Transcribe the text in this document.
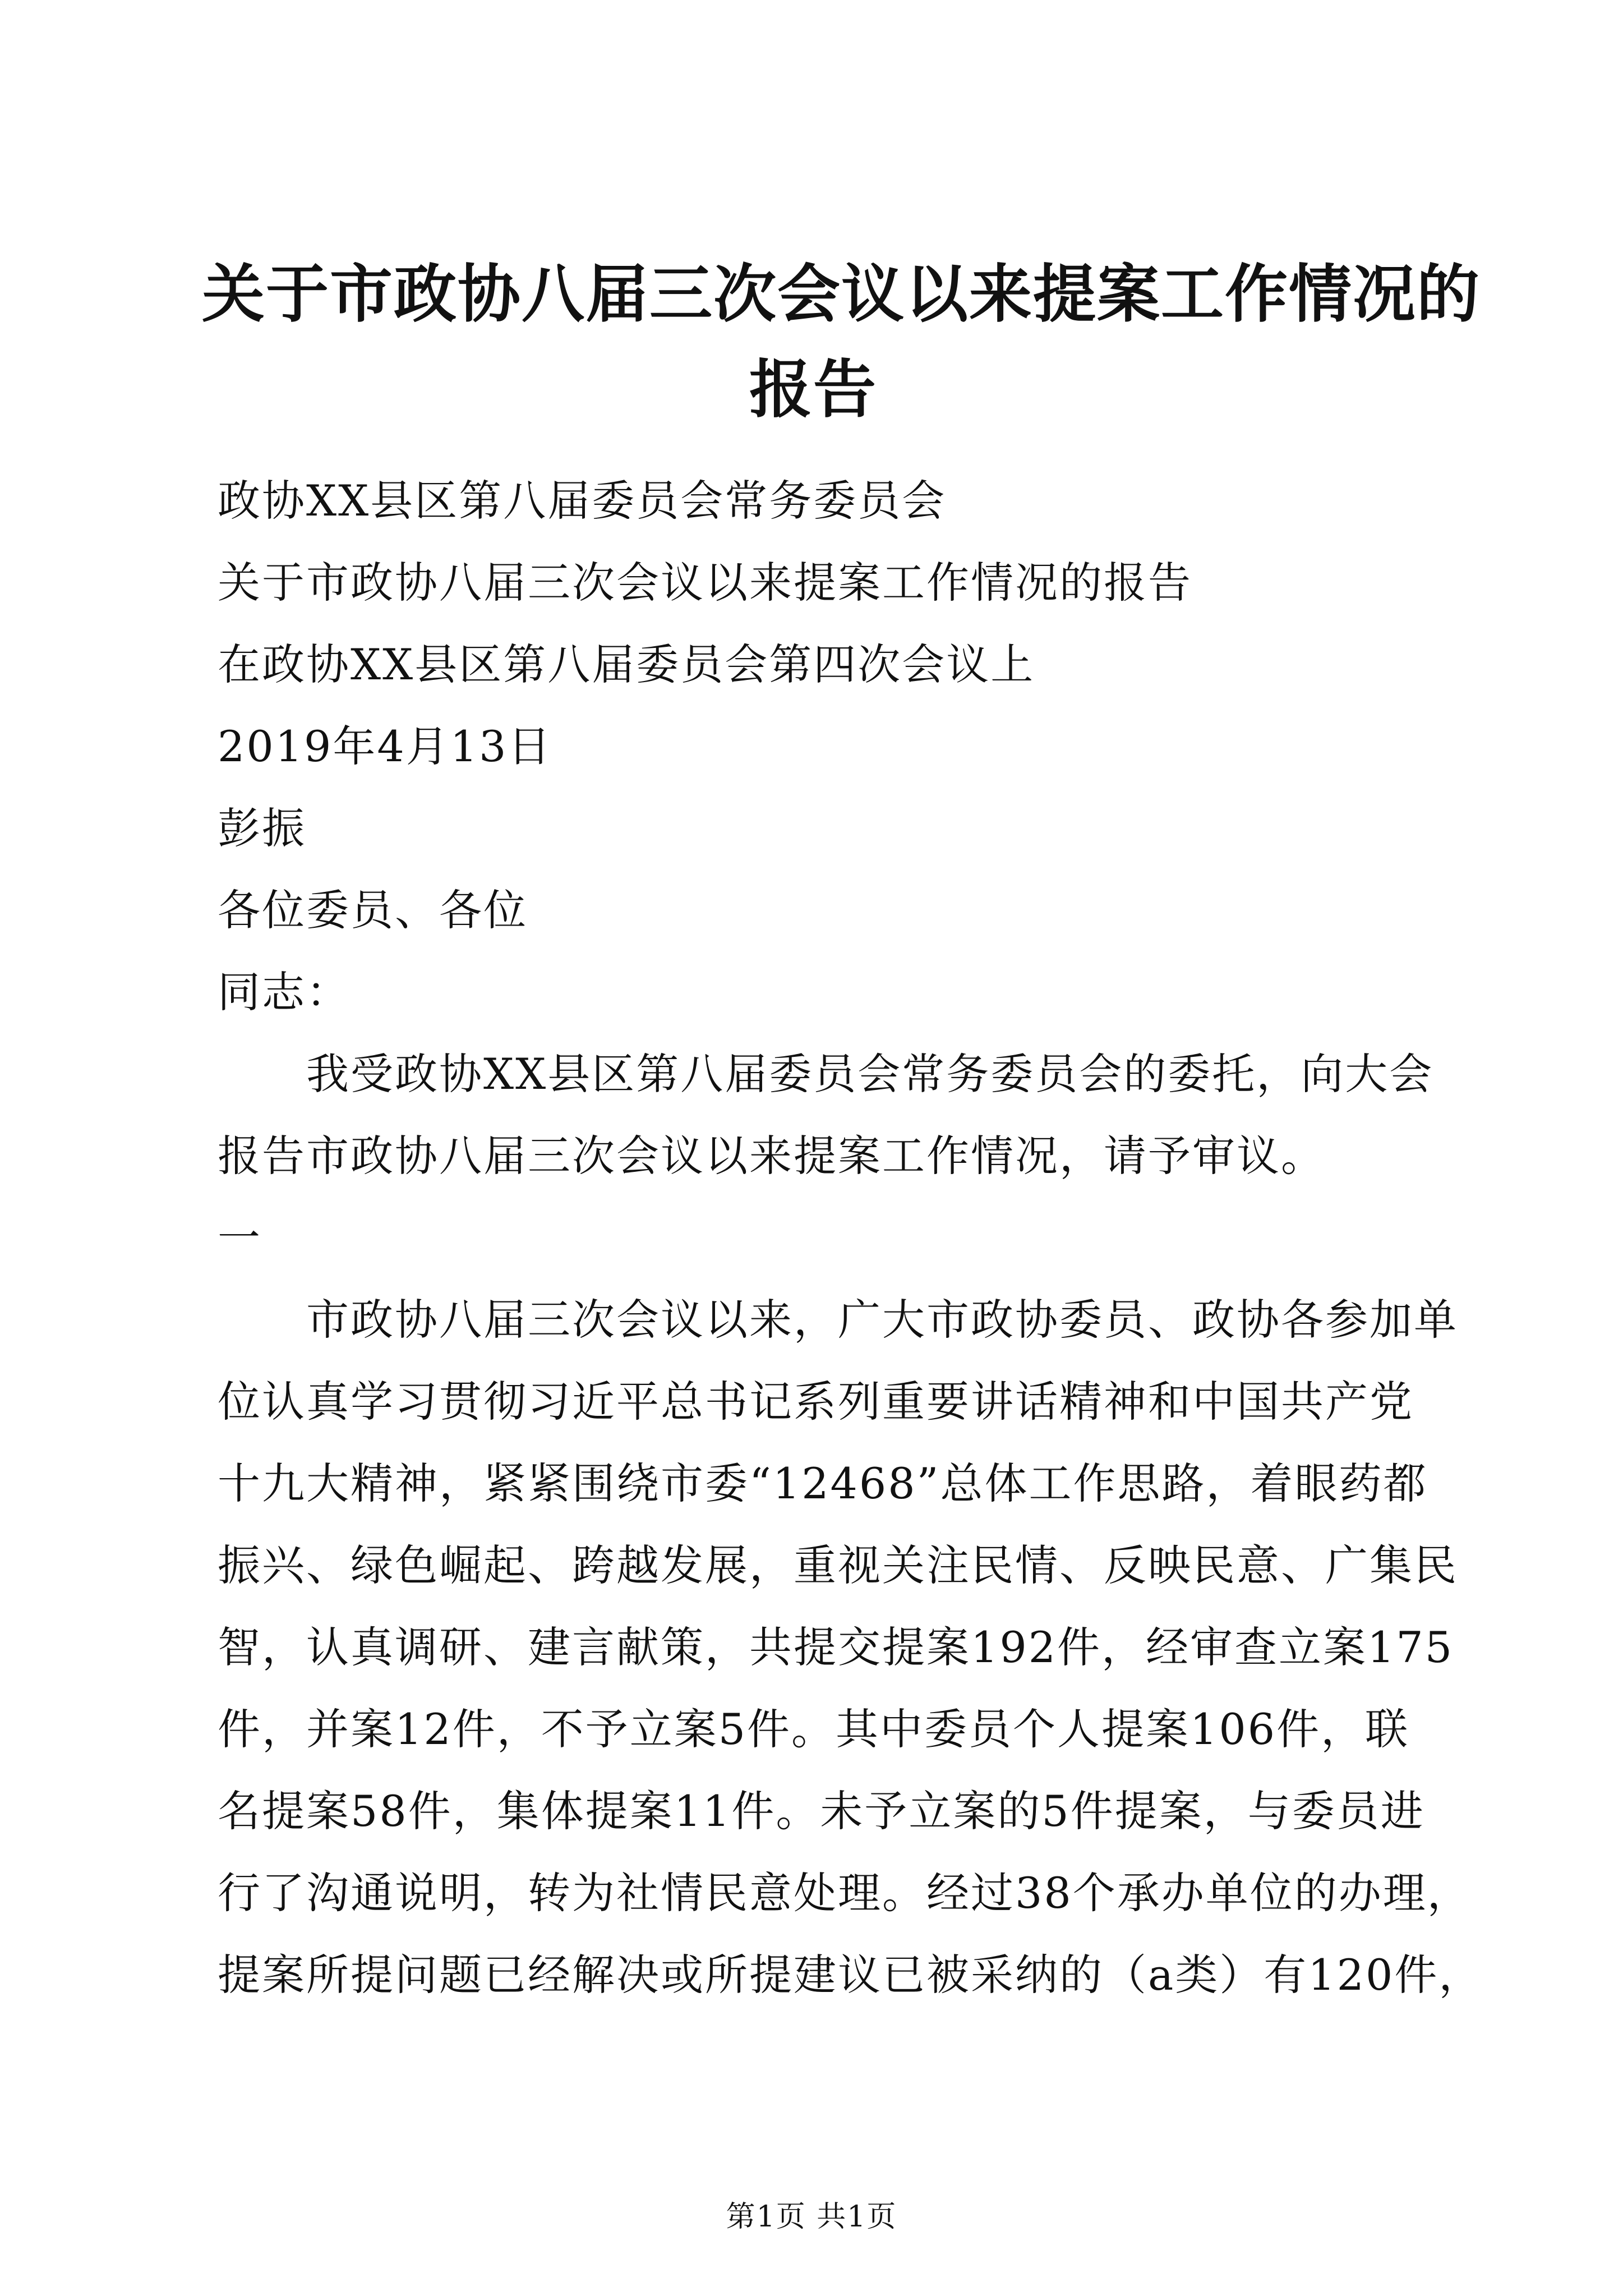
关于市政协八届三次会议以来提案工作情况的
报告
政协XX县区第八届委员会常务委员会
关于市政协八届三次会议以来提案工作情况的报告
在政协XX县区第八届委员会第四次会议上
2019年4月13日
彭振
各位委员、各位
同志：
我受政协XX县区第八届委员会常务委员会的委托，向大会
报告市政协八届三次会议以来提案工作情况，请予审议。
一
市政协八届三次会议以来，广大市政协委员、政协各参加单
位认真学习贯彻习近平总书记系列重要讲话精神和中国共产党
十九大精神，紧紧围绕市委“12468”总体工作思路，着眼药都
振兴、绿色崛起、跨越发展，重视关注民情、反映民意、广集民
智，认真调研、建言献策，共提交提案192件，经审查立案175
件，并案12件，不予立案5件。其中委员个人提案106件，联
名提案58件，集体提案11件。未予立案的5件提案，与委员进
行了沟通说明，转为社情民意处理。经过38个承办单位的办理，
提案所提问题已经解决或所提建议已被采纳的（a类）有120件，
第1页 共1页
